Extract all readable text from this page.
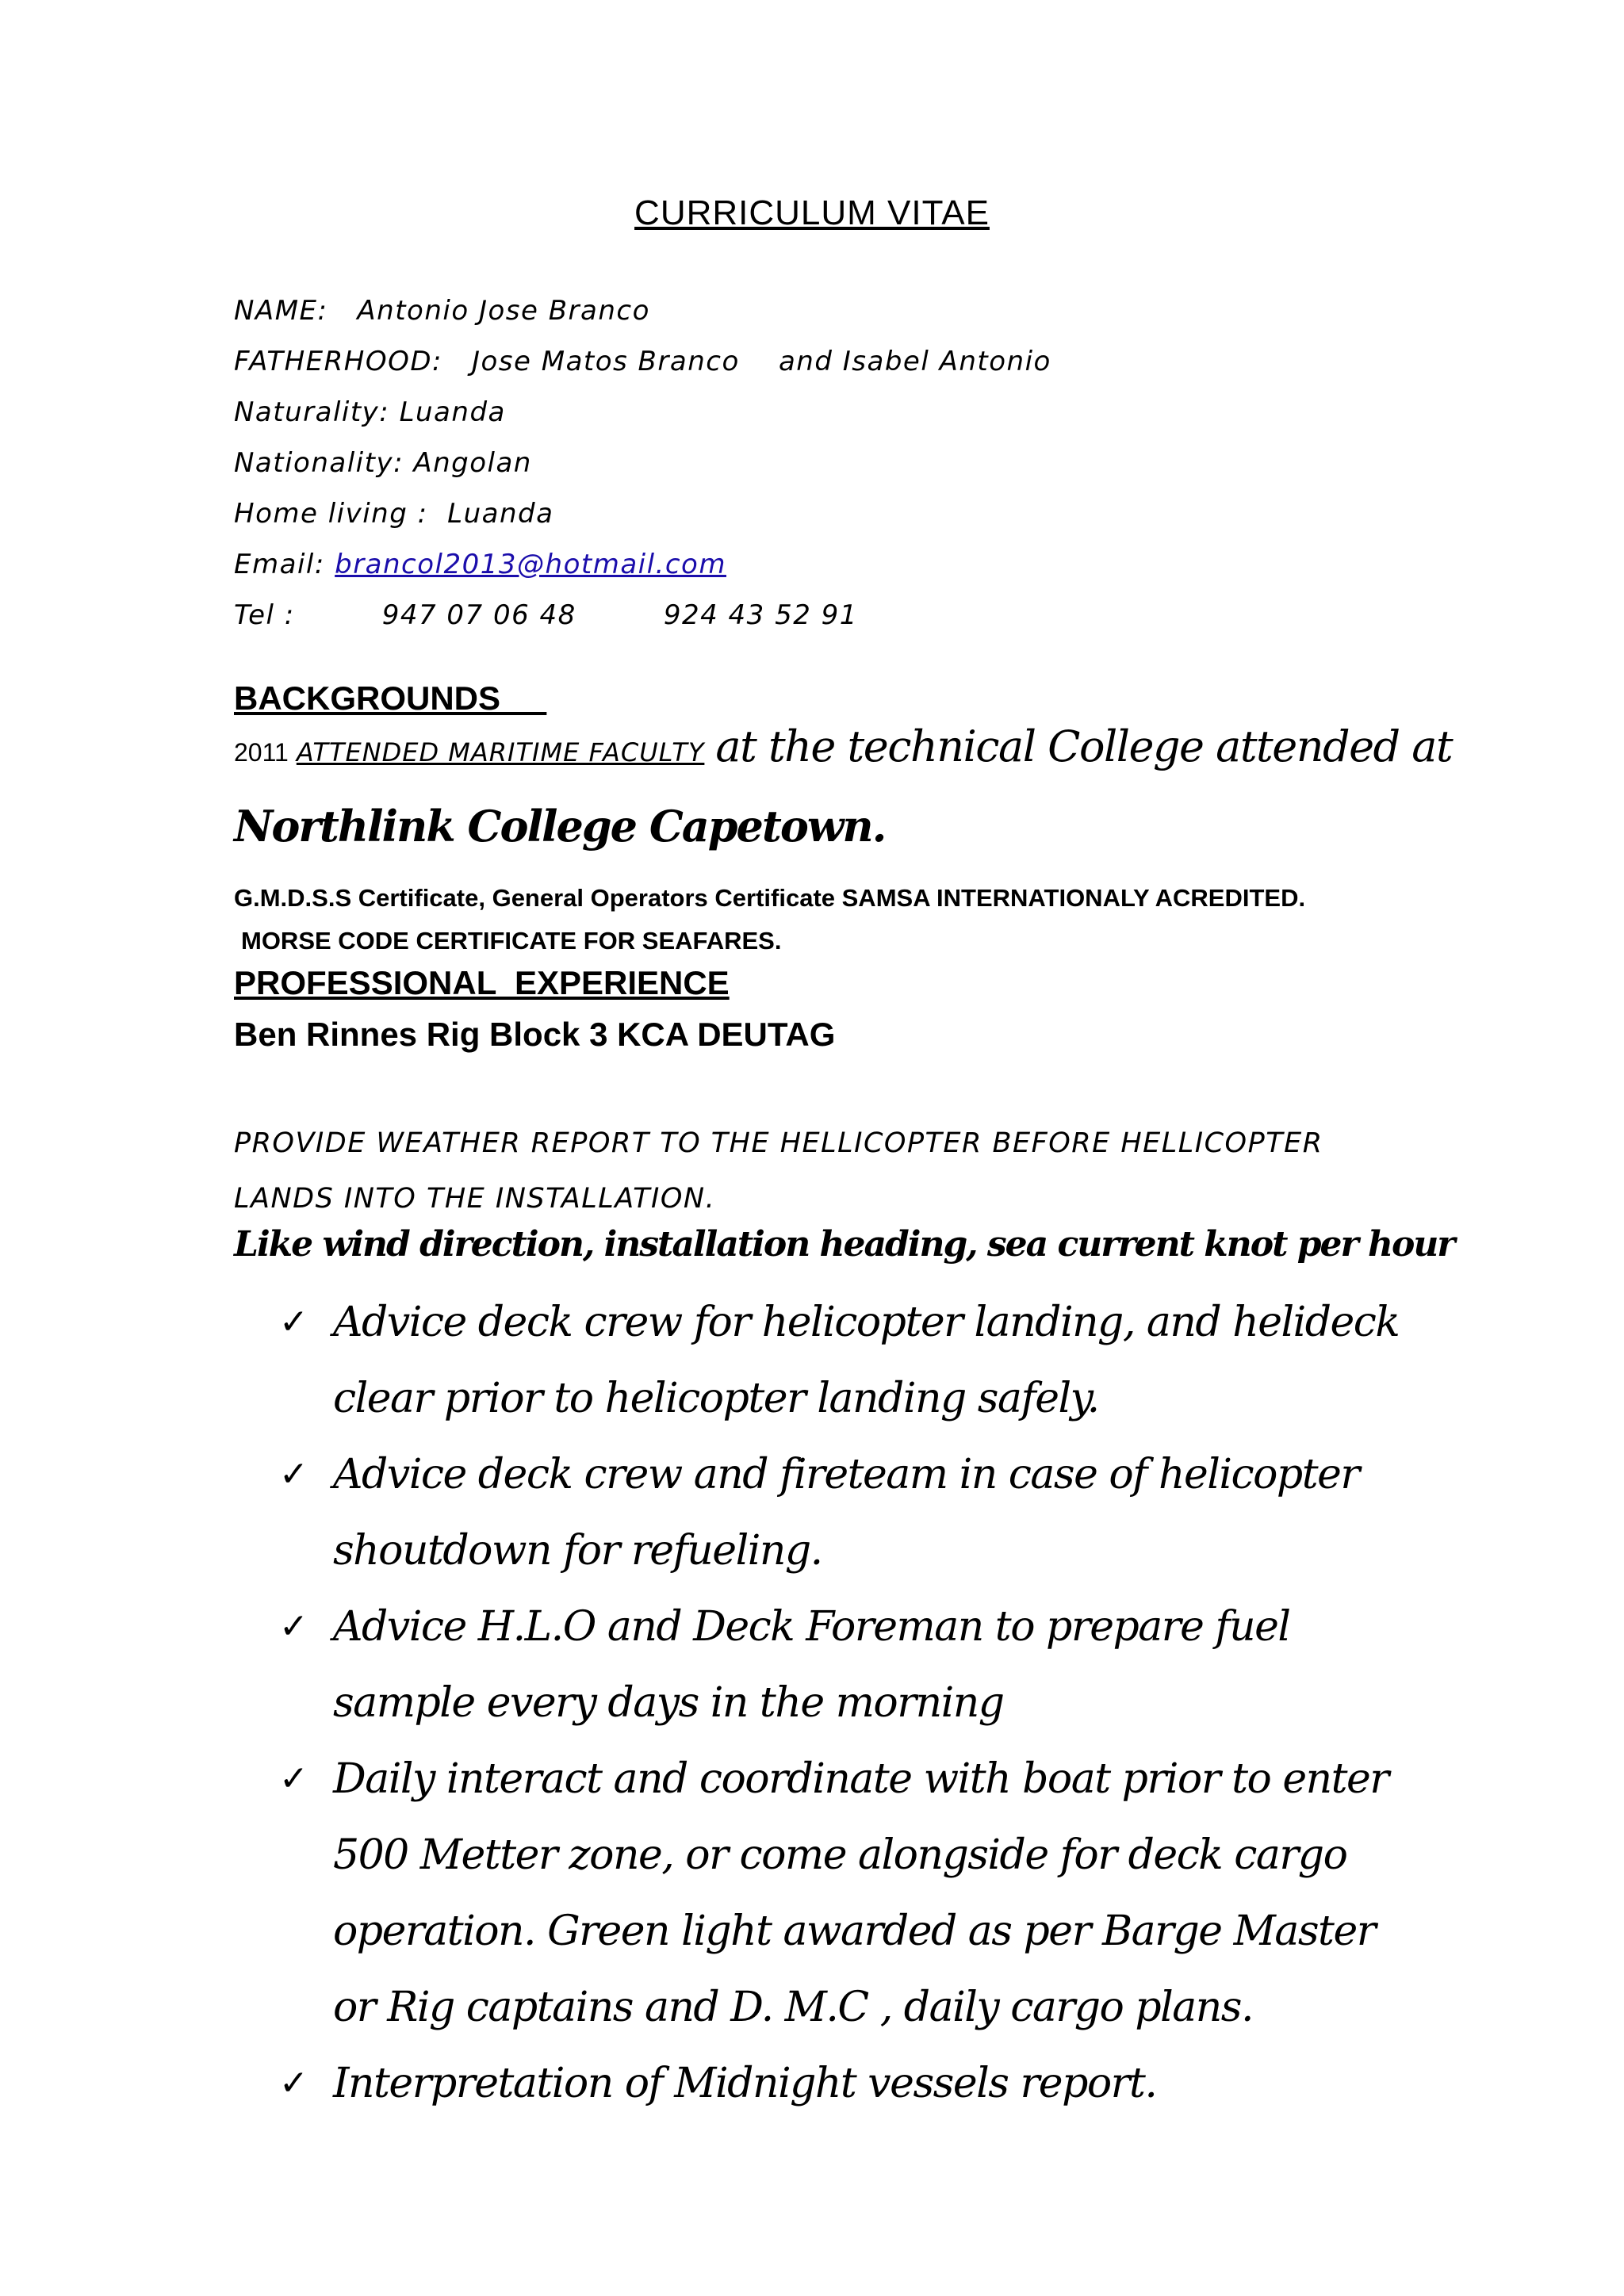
CURRICULUM VITAE
NAME: Antonio Jose Branco
FATHERHOOD: Jose Matos Branco    and Isabel Antonio
Naturality: Luanda
Nationality: Angolan
Home living :  Luanda
Email: brancol2013@hotmail.com
Tel :	947 07 06 48	924 43 52 91
BACKGROUNDS
2011 ATTENDED MARITIME FACULTY at the technical College attended at
Northlink College Capetown.
G.M.D.S.S Certificate, General Operators Certificate SAMSA INTERNATIONALY ACREDITED.
MORSE CODE CERTIFICATE FOR SEAFARES.
PROFESSIONAL  EXPERIENCE
Ben Rinnes Rig Block 3 KCA DEUTAG
PROVIDE WEATHER REPORT TO THE HELLICOPTER BEFORE HELLICOPTER LANDS INTO THE INSTALLATION.
Like wind direction, installation heading, sea current knot per hour
✓ Advice deck crew for helicopter landing, and helideck clear prior to helicopter landing safely.
✓ Advice deck crew and fireteam in case of helicopter shoutdown for refueling.
✓ Advice H.L.O and Deck Foreman to prepare fuel sample every days in the morning
✓ Daily interact and coordinate with boat prior to enter 500 Metter zone, or come alongside for deck cargo operation. Green light awarded as per Barge Master or Rig captains and D. M.C , daily cargo plans.
✓ Interpretation of Midnight vessels report.
